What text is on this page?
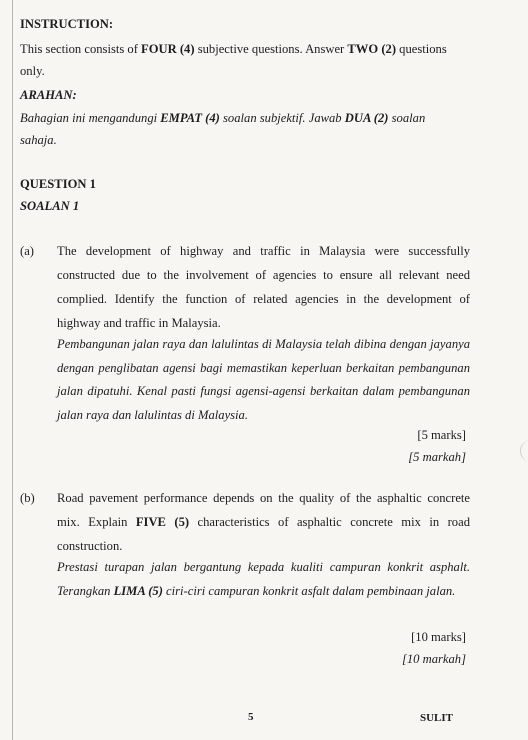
INSTRUCTION:
This section consists of FOUR (4) subjective questions. Answer TWO (2) questions
only.
ARAHAN:
Bahagian ini mengandungi EMPAT (4) soalan subjektif. Jawab DUA (2) soalan
sahaja.
QUESTION 1
SOALAN 1
(a) The development of highway and traffic in Malaysia were successfully constructed due to the involvement of agencies to ensure all relevant need complied. Identify the function of related agencies in the development of highway and traffic in Malaysia.
Pembangunan jalan raya dan lalulintas di Malaysia telah dibina dengan jayanya dengan penglibatan agensi bagi memastikan keperluan berkaitan pembangunan jalan dipatuhi. Kenal pasti fungsi agensi-agensi berkaitan dalam pembangunan jalan raya dan lalulintas di Malaysia.
[5 marks]
[5 markah]
(b) Road pavement performance depends on the quality of the asphaltic concrete mix. Explain FIVE (5) characteristics of asphaltic concrete mix in road construction.
Prestasi turapan jalan bergantung kepada kualiti campuran konkrit asphalt. Terangkan LIMA (5) ciri-ciri campuran konkrit asfalt dalam pembinaan jalan.
[10 marks]
[10 markah]
5	SULIT
